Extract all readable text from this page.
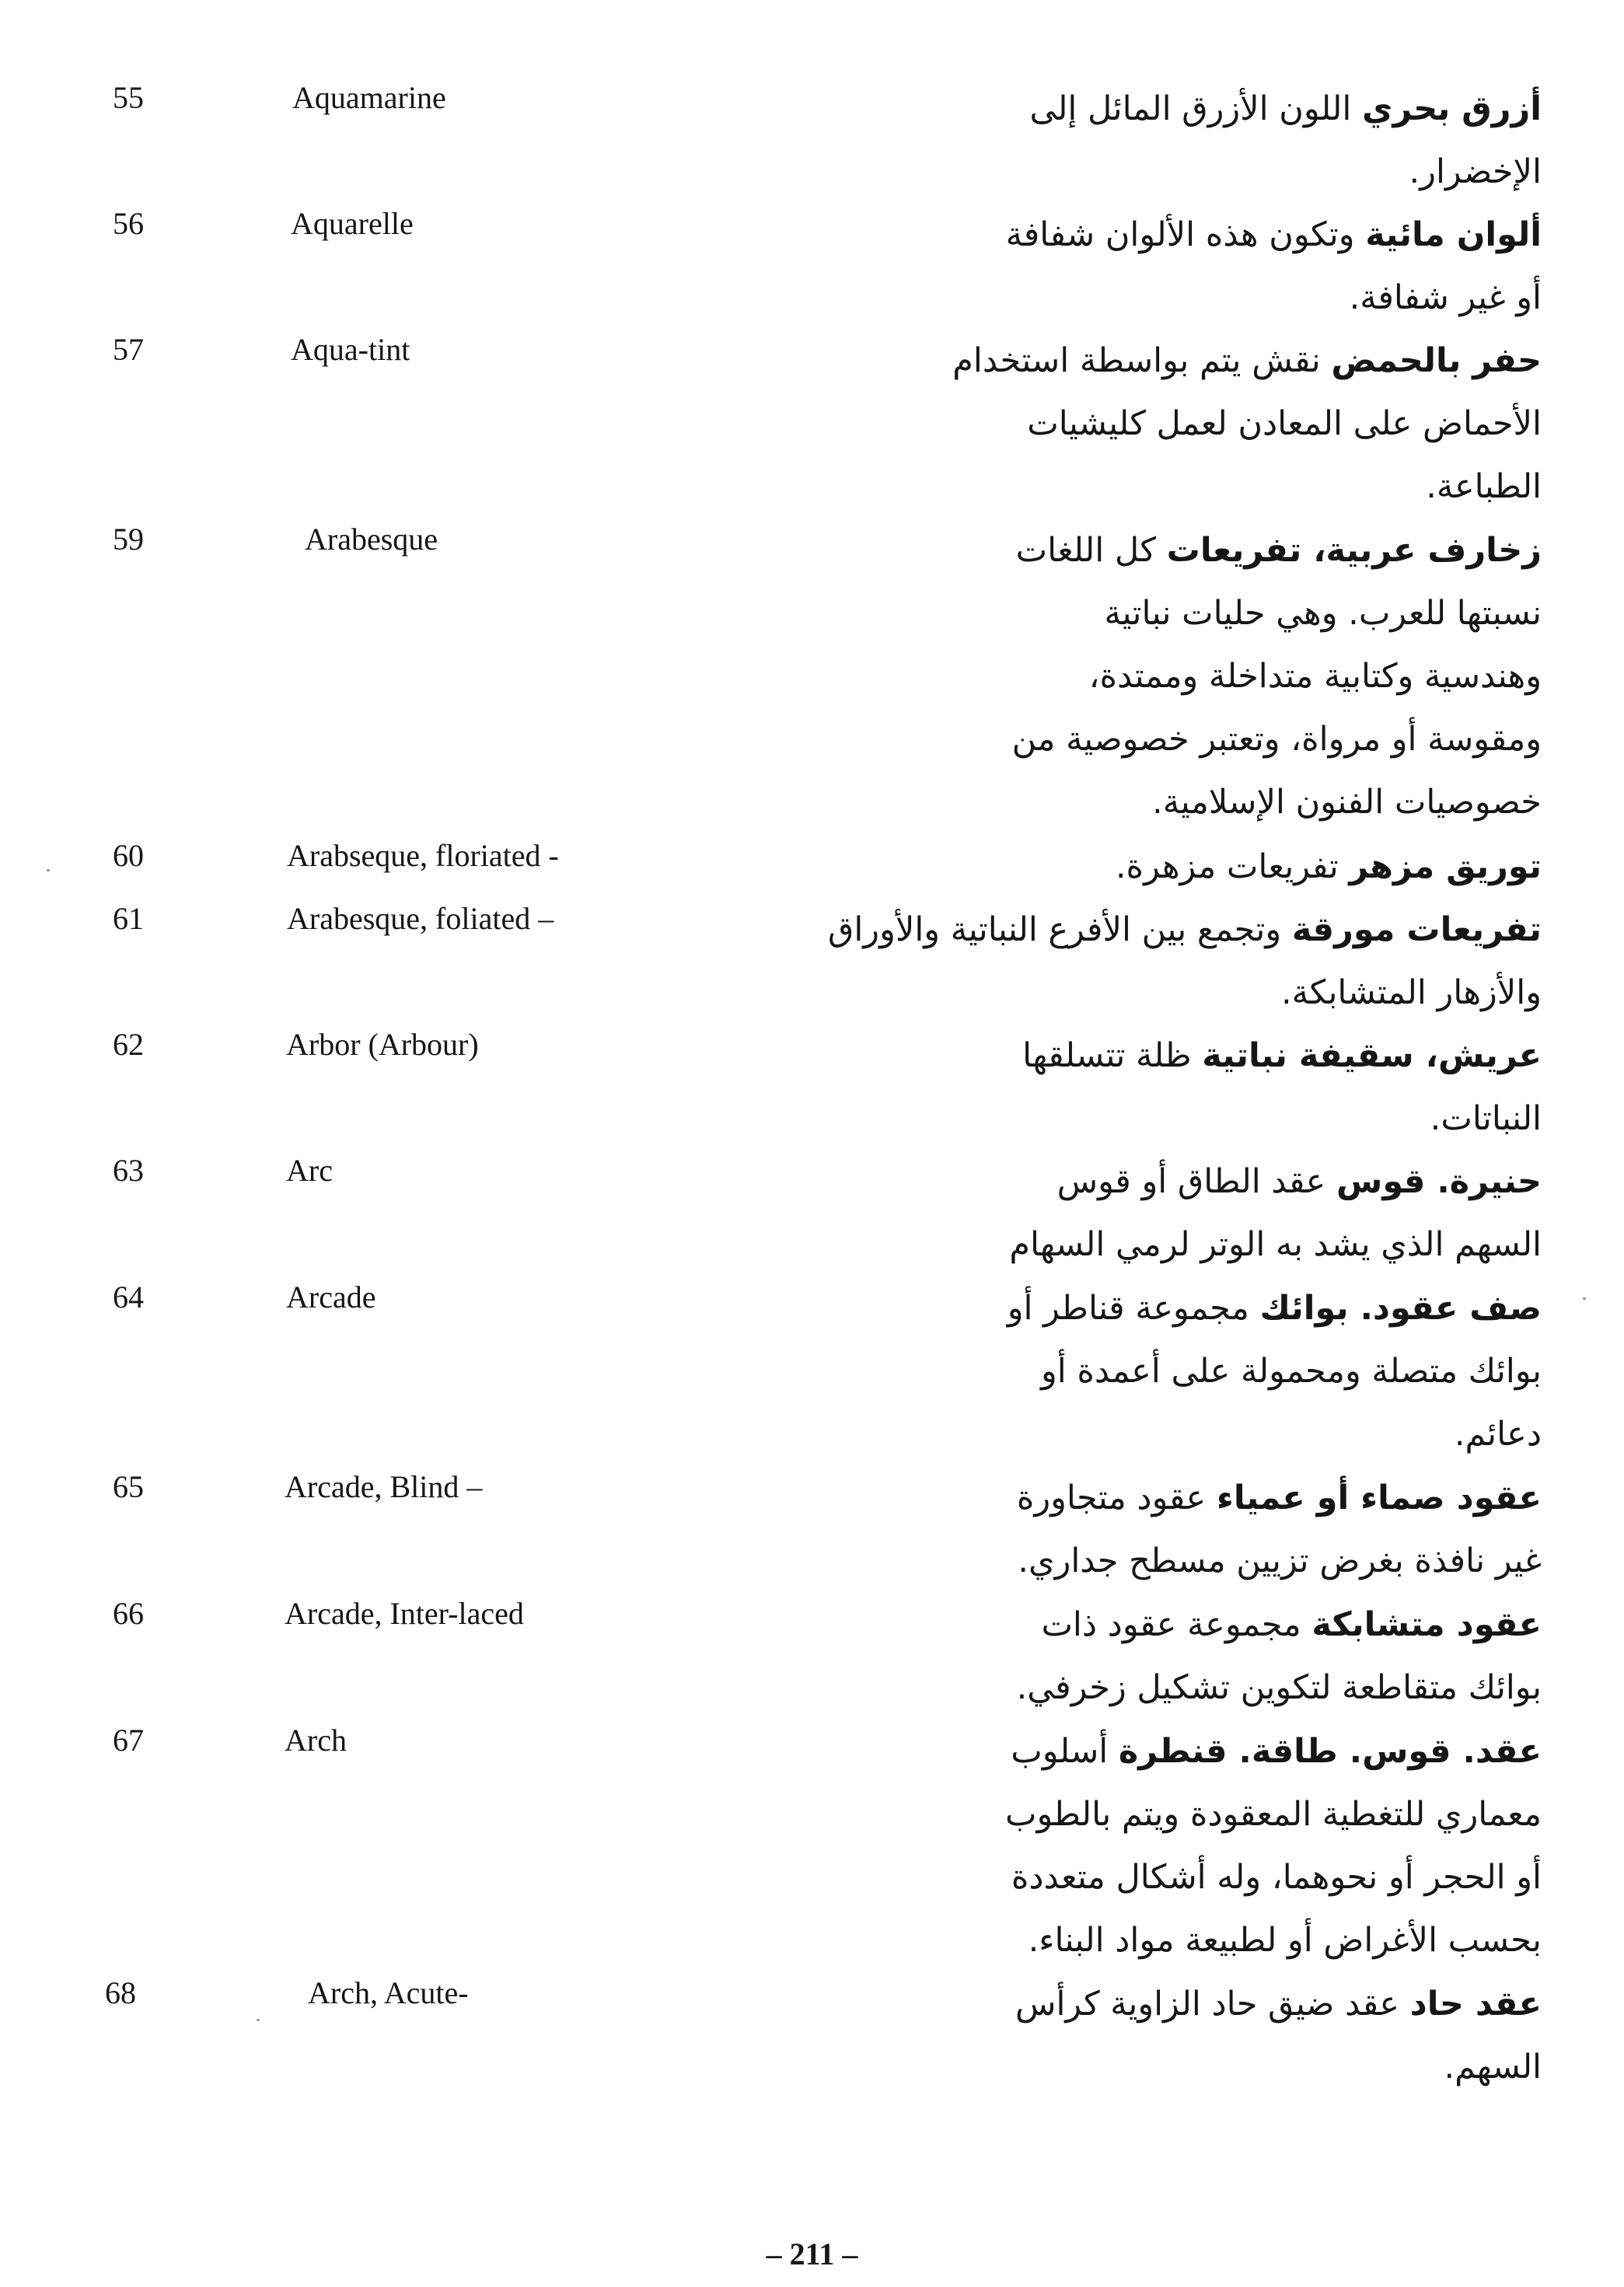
55	Aquamarine	أزرق بحري اللون الأزرق المائل إلى
الإخضرار.
56	Aquarelle	ألوان مائية وتكون هذه الألوان شفافة
أو غير شفافة.
57	Aqua-tint	حفر بالحمض نقش يتم بواسطة استخدام
الأحماض على المعادن لعمل كليشيات
الطباعة.
59	Arabesque	زخارف عربية، تفريعات كل اللغات
نسبتها للعرب. وهي حليات نباتية
وهندسية وكتابية متداخلة وممتدة،
ومقوسة أو مرواة، وتعتبر خصوصية من
خصوصيات الفنون الإسلامية.
60	Arabseque, floriated -	توريق مزهر تفريعات مزهرة.
61	Arabesque, foliated –	تفريعات مورقة وتجمع بين الأفرع النباتية والأوراق
والأزهار المتشابكة.
62	Arbor (Arbour)	عريش، سقيفة نباتية ظلة تتسلقها
النباتات.
63	Arc	حنيرة. قوس عقد الطاق أو قوس
السهم الذي يشد به الوتر لرمي السهام
64	Arcade	صف عقود. بوائك مجموعة قناطر أو
بوائك متصلة ومحمولة على أعمدة أو
دعائم.
65	Arcade, Blind –	عقود صماء أو عمياء عقود متجاورة
غير نافذة بغرض تزيين مسطح جداري.
66	Arcade, Inter-laced	عقود متشابكة مجموعة عقود ذات
بوائك متقاطعة لتكوين تشكيل زخرفي.
67	Arch	عقد. قوس. طاقة. قنطرة أسلوب
معماري للتغطية المعقودة ويتم بالطوب
أو الحجر أو نحوهما، وله أشكال متعددة
بحسب الأغراض أو لطبيعة مواد البناء.
68	Arch, Acute-	عقد حاد عقد ضيق حاد الزاوية كرأس
السهم.
– 211 –
